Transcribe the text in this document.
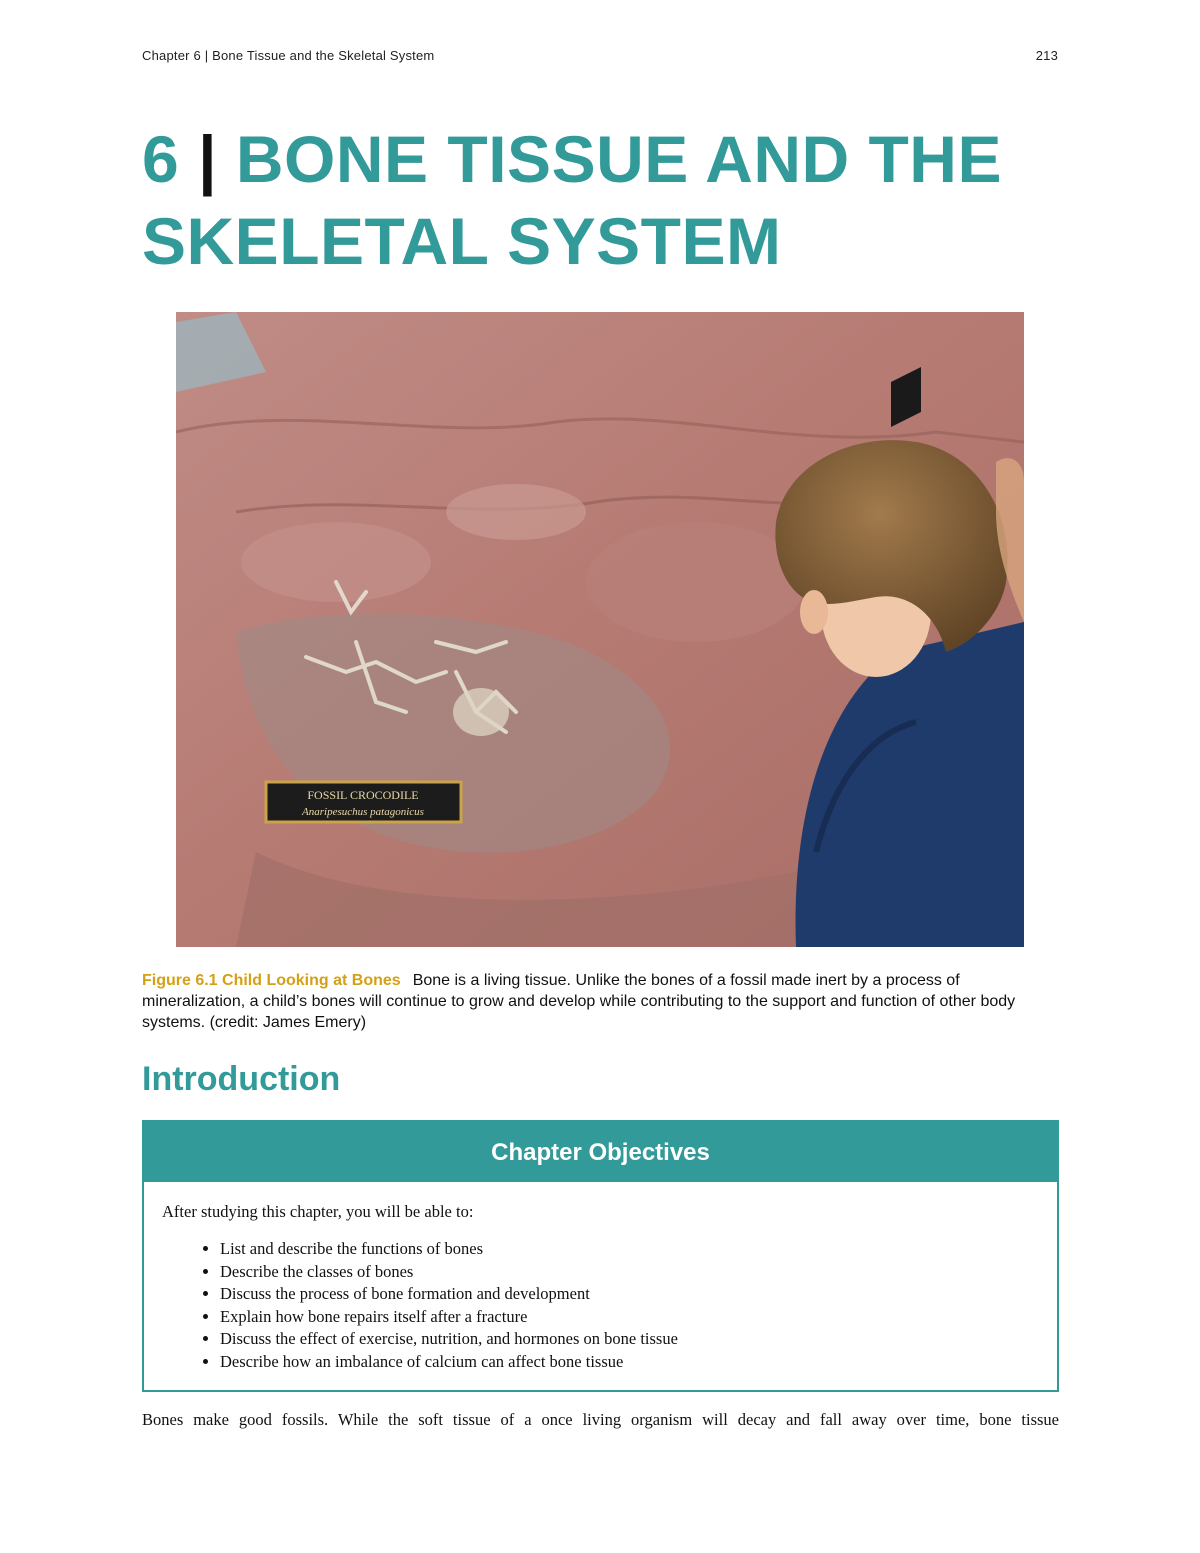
Chapter 6 | Bone Tissue and the Skeletal System	213
6 | BONE TISSUE AND THE SKELETAL SYSTEM
FOSSIL CROCODILE
Anaripesuchus patagonicus
Figure 6.1 Child Looking at Bones Bone is a living tissue. Unlike the bones of a fossil made inert by a process of mineralization, a child’s bones will continue to grow and develop while contributing to the support and function of other body systems. (credit: James Emery)
Introduction
Chapter Objectives
After studying this chapter, you will be able to:
• List and describe the functions of bones
• Describe the classes of bones
• Discuss the process of bone formation and development
• Explain how bone repairs itself after a fracture
• Discuss the effect of exercise, nutrition, and hormones on bone tissue
• Describe how an imbalance of calcium can affect bone tissue
Bones make good fossils. While the soft tissue of a once living organism will decay and fall away over time, bone tissue
